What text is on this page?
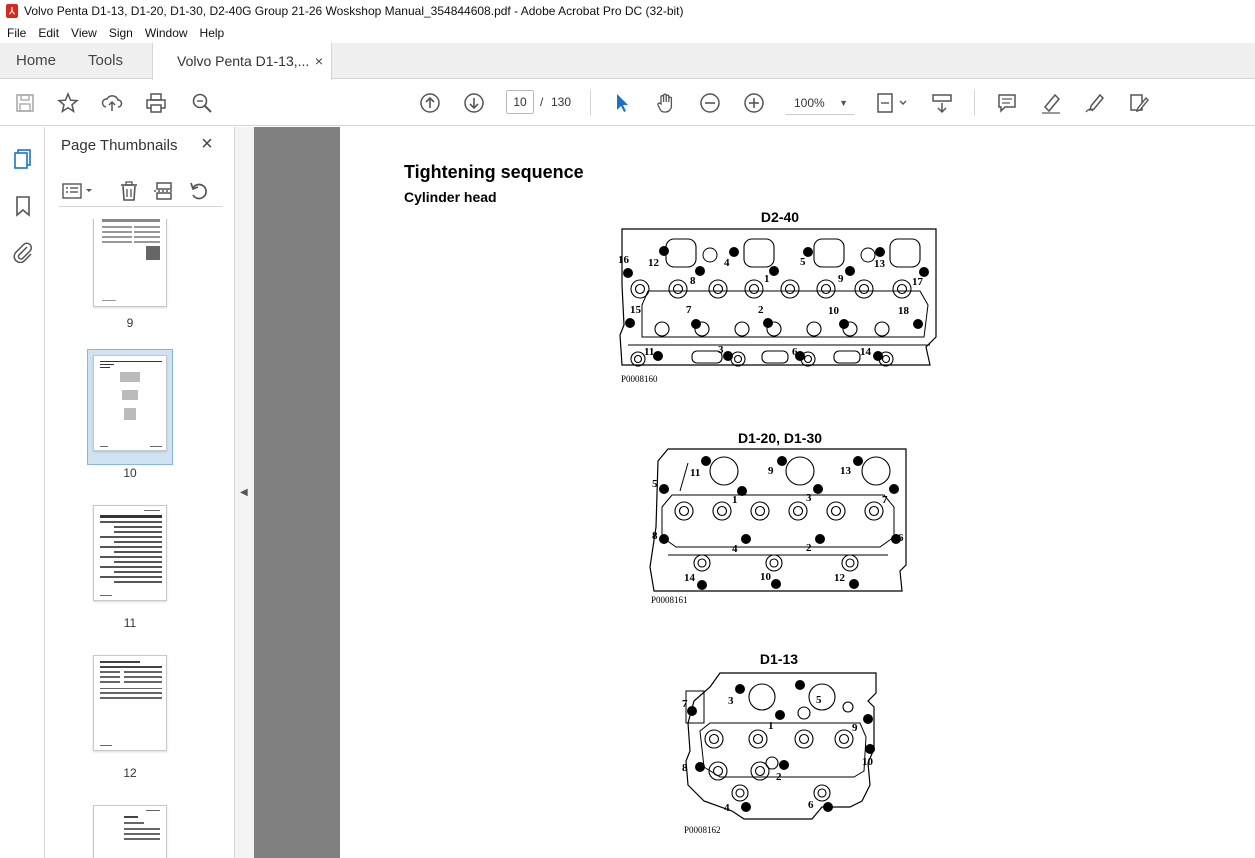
⅄ Volvo Penta D1-13, D1-20, D1-30, D2-40G Group 21-26 Woskshop Manual_354844608.pdf - Adobe Acrobat Pro DC (32-bit)
File	Edit	View	Sign	Window	Help
Home Tools	Volvo Penta D1-13,... ×
10	/ 130	100% ▼
Page Thumbnails ×
9
10
11
12
◀
Tightening sequence
Cylinder head
D2-40
16 12	4	5	13
8	1	9	17
15	7	2	10	18
11	3	6	14
P0008160
D1-20, D1-30
11	9	13
5
1	3	7
8
4	2
6
14	10	12
P0008161
D1-13
7	3	5
1	9
10
8
2
4	6
P0008162
